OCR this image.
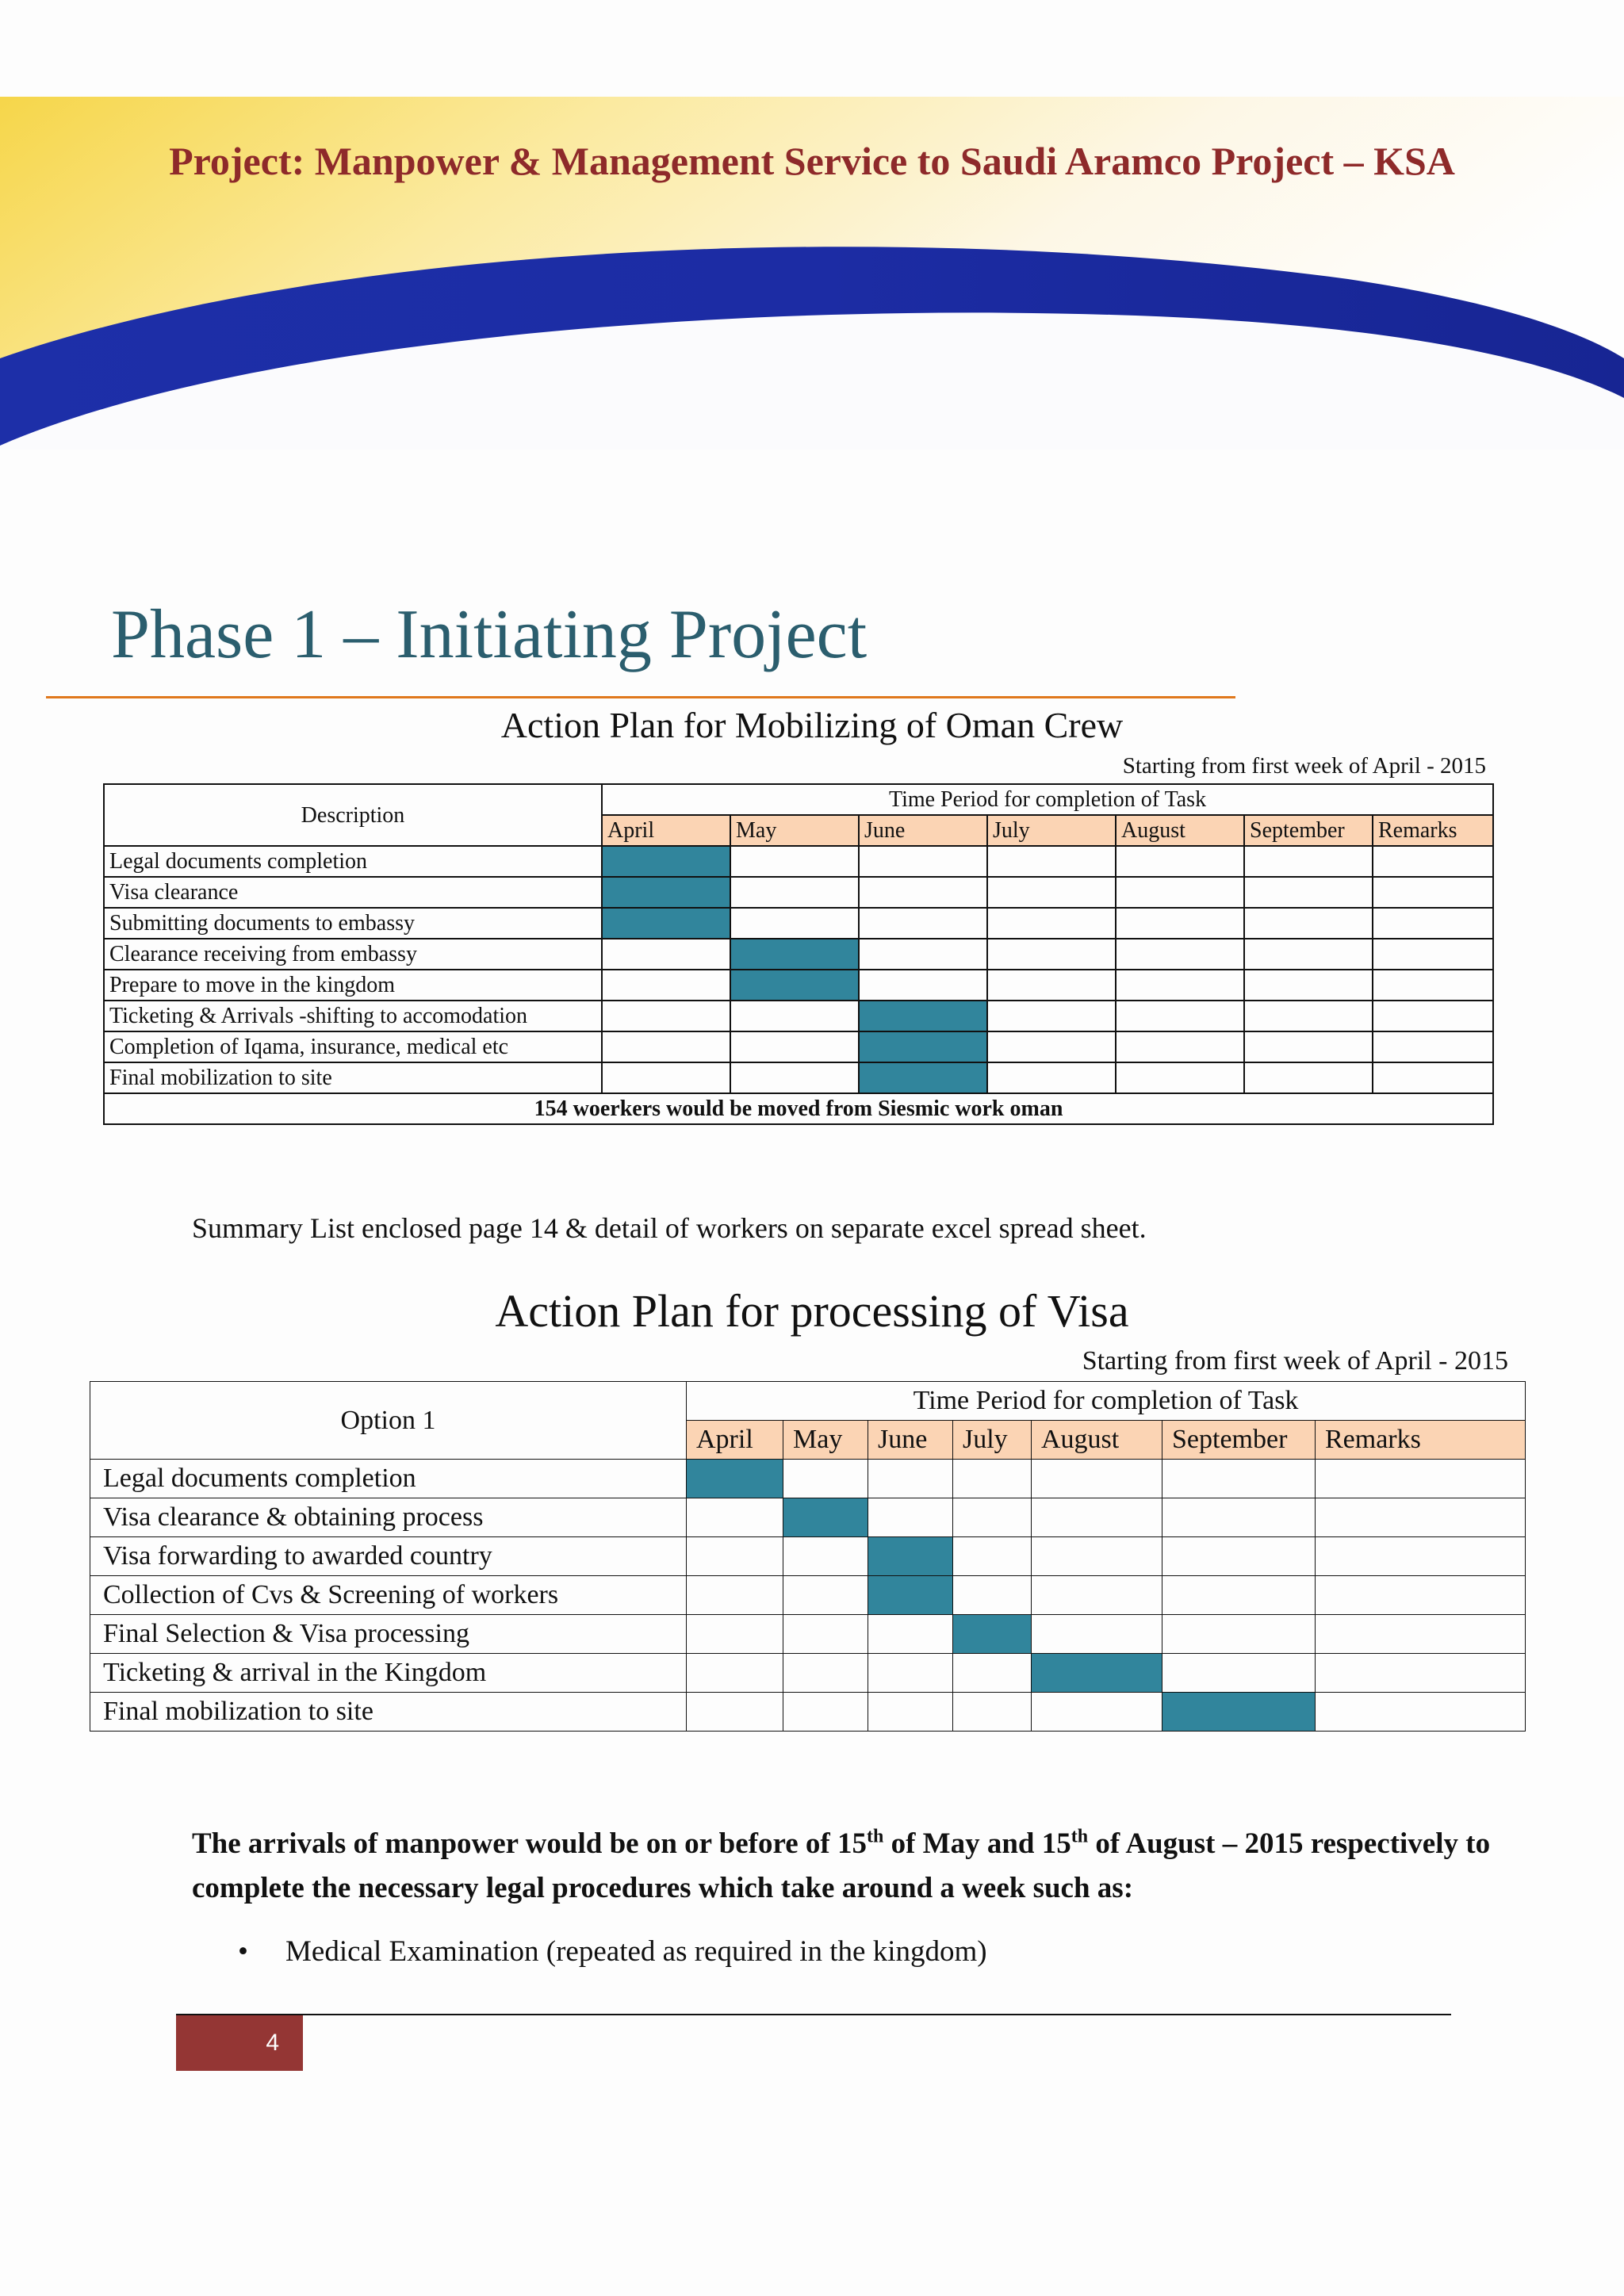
Project: Manpower & Management Service to Saudi Aramco Project – KSA
Phase 1 – Initiating Project
Action Plan for Mobilizing of Oman Crew
Starting from first week of April - 2015
Description	Time Period for completion of Task						
	April	May	June	July	August	September	Remarks
Legal documents completion							
Visa clearance							
Submitting documents to embassy							
Clearance receiving from embassy							
Prepare to move in the kingdom							
Ticketing & Arrivals -shifting to accomodation							
Completion of Iqama, insurance, medical etc							
Final mobilization to site							
154 woerkers would be moved from Siesmic work oman							
Summary List enclosed page 14 & detail of workers on separate excel spread sheet.
Action Plan for processing of Visa
Starting from first week of April - 2015
Option 1	Time Period for completion of Task						
	April	May	June	July	August	September	Remarks
Legal documents completion							
Visa clearance & obtaining process							
Visa forwarding to awarded country							
Collection of Cvs & Screening of workers							
Final Selection & Visa processing							
Ticketing & arrival in the Kingdom							
Final mobilization to site							
The arrivals of manpower would be on or before of 15th of May and 15th of August – 2015 respectively to complete the necessary legal procedures which take around a week such as:
• Medical Examination (repeated as required in the kingdom)
4
